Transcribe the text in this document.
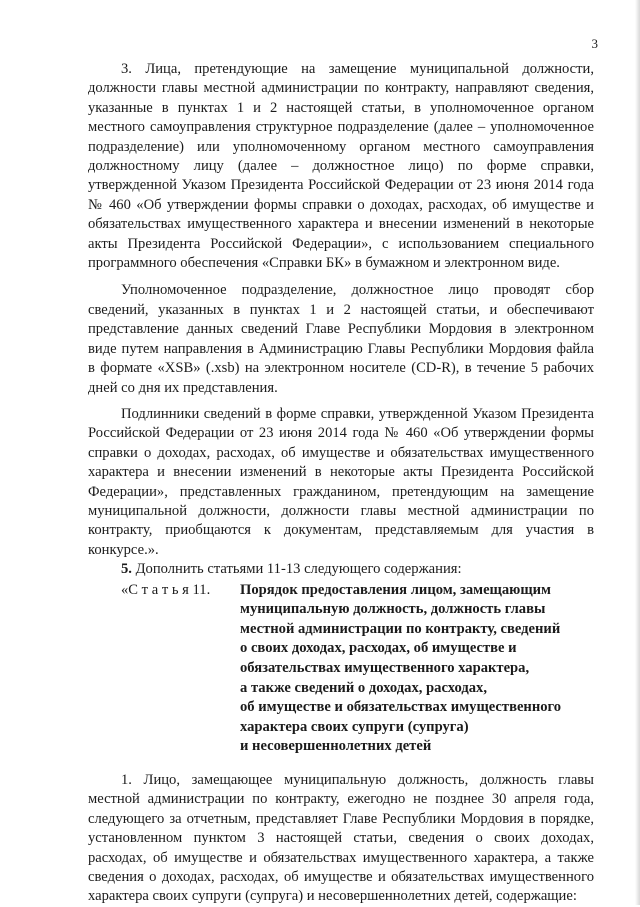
3

3. Лица, претендующие на замещение муниципальной должности, должности главы местной администрации по контракту, направляют сведения, указанные в пунктах 1 и 2 настоящей статьи, в уполномоченное органом местного самоуправления структурное подразделение (далее – уполномоченное подразделение) или уполномоченному органом местного самоуправления должностному лицу (далее – должностное лицо) по форме справки, утвержденной Указом Президента Российской Федерации от 23 июня 2014 года № 460 «Об утверждении формы справки о доходах, расходах, об имуществе и обязательствах имущественного характера и внесении изменений в некоторые акты Президента Российской Федерации», с использованием специального программного обеспечения «Справки БК» в бумажном и электронном виде.

Уполномоченное подразделение, должностное лицо проводят сбор сведений, указанных в пунктах 1 и 2 настоящей статьи, и обеспечивают представление данных сведений Главе Республики Мордовия в электронном виде путем направления в Администрацию Главы Республики Мордовия файла в формате «XSB» (.xsb) на электронном носителе (CD-R), в течение 5 рабочих дней со дня их представления.

Подлинники сведений в форме справки, утвержденной Указом Президента Российской Федерации от 23 июня 2014 года № 460 «Об утверждении формы справки о доходах, расходах, об имуществе и обязательствах имущественного характера и внесении изменений в некоторые акты Президента Российской Федерации», представленных гражданином, претендующим на замещение муниципальной должности, должности главы местной администрации по контракту, приобщаются к документам, представляемым для участия в конкурсе.».

5. Дополнить статьями 11-13 следующего содержания:

«С т а т ь я 11.	Порядок предоставления лицом, замещающим
муниципальную должность, должность главы
местной администрации по контракту, сведений
о своих доходах, расходах, об имуществе и
обязательствах имущественного характера,
а также сведений о доходах, расходах,
об имуществе и обязательствах имущественного
характера своих супруги (супруга)
и несовершеннолетних детей

1. Лицо, замещающее муниципальную должность, должность главы местной администрации по контракту, ежегодно не позднее 30 апреля года, следующего за отчетным, представляет Главе Республики Мордовия в порядке, установленном пунктом 3 настоящей статьи, сведения о своих доходах, расходах, об имуществе и обязательствах имущественного характера, а также сведения о доходах, расходах, об имуществе и обязательствах имущественного характера своих супруги (супруга) и несовершеннолетних детей, содержащие:
